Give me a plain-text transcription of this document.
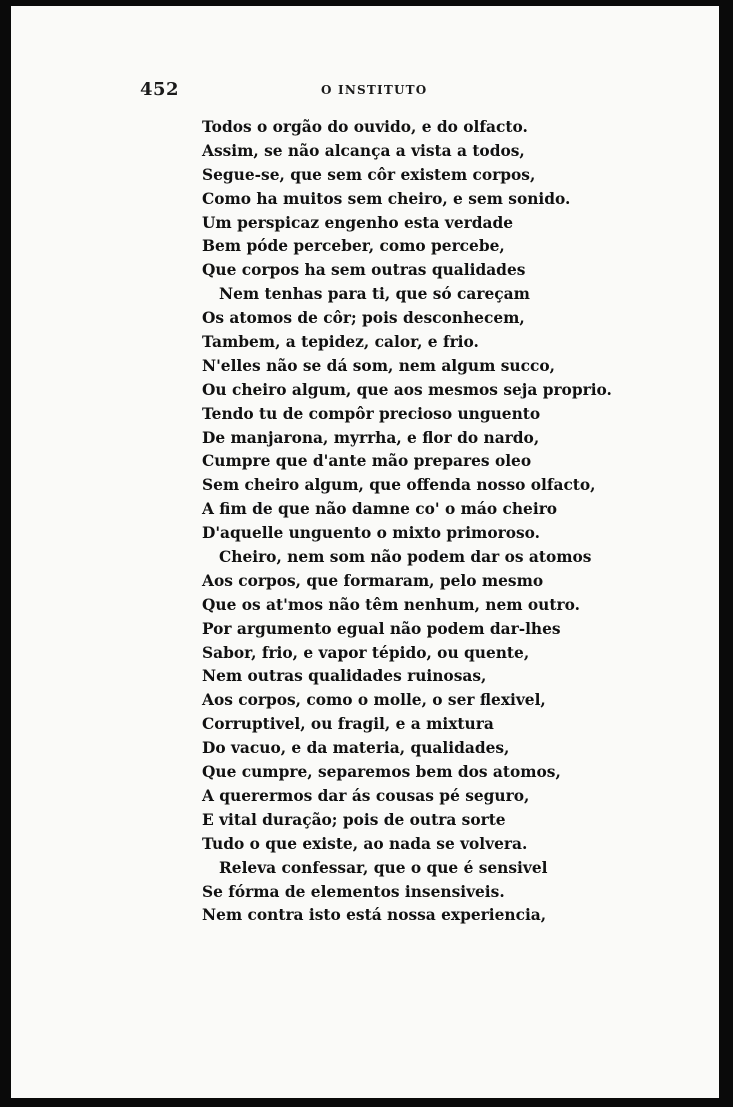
452	O INSTITUTO
Todos o orgão do ouvido, e do olfacto.
Assim, se não alcança a vista a todos,
Segue-se, que sem côr existem corpos,
Como ha muitos sem cheiro, e sem sonido.
Um perspicaz engenho esta verdade
Bem póde perceber, como percebe,
Que corpos ha sem outras qualidades
Nem tenhas para ti, que só careçam
Os atomos de côr; pois desconhecem,
Tambem, a tepidez, calor, e frio.
N'elles não se dá som, nem algum succo,
Ou cheiro algum, que aos mesmos seja proprio.
Tendo tu de compôr precioso unguento
De manjarona, myrrha, e flor do nardo,
Cumpre que d'ante mão prepares oleo
Sem cheiro algum, que offenda nosso olfacto,
A fim de que não damne co' o máo cheiro
D'aquelle unguento o mixto primoroso.
Cheiro, nem som não podem dar os atomos
Aos corpos, que formaram, pelo mesmo
Que os at'mos não têm nenhum, nem outro.
Por argumento egual não podem dar-lhes
Sabor, frio, e vapor tépido, ou quente,
Nem outras qualidades ruinosas,
Aos corpos, como o molle, o ser flexivel,
Corruptivel, ou fragil, e a mixtura
Do vacuo, e da materia, qualidades,
Que cumpre, separemos bem dos atomos,
A querermos dar ás cousas pé seguro,
E vital duração; pois de outra sorte
Tudo o que existe, ao nada se volvera.
Releva confessar, que o que é sensivel
Se fórma de elementos insensiveis.
Nem contra isto está nossa experiencia,
